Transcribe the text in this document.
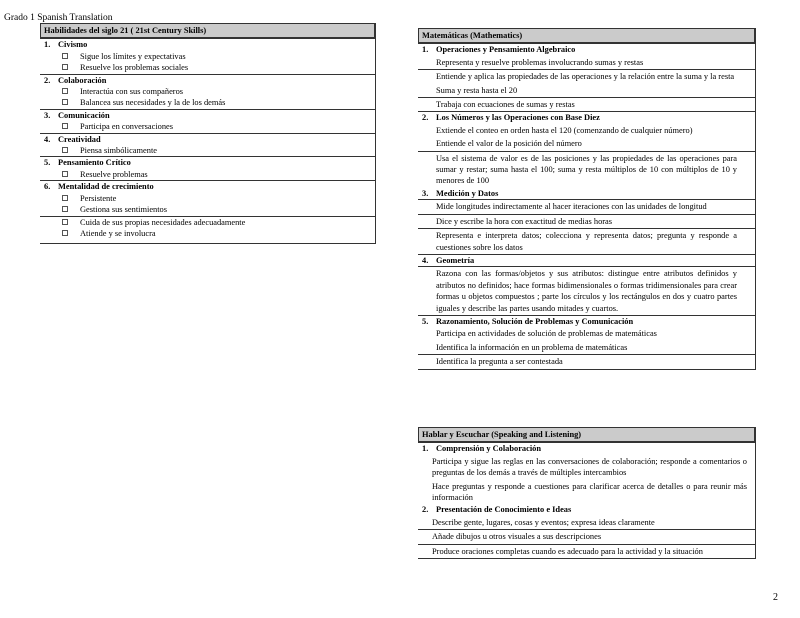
Grado 1 Spanish Translation
Habilidades del siglo 21 ( 21st Century Skills)
1. Civismo
Sigue los límites y expectativas
Resuelve los problemas sociales
2. Colaboración
Interactúa con sus compañeros
Balancea sus necesidades y la de los demás
3. Comunicación
Participa en conversaciones
4. Creatividad
Piensa simbólicamente
5. Pensamiento Crítico
Resuelve problemas
6. Mentalidad de crecimiento
Persistente
Gestiona sus sentimientos
Cuida de sus propias necesidades adecuadamente
Atiende y se involucra
Matemáticas (Mathematics)
1. Operaciones y Pensamiento Algebraico
Representa y resuelve problemas involucrando sumas y restas
Entiende y aplica las propiedades de las operaciones y la relación entre la suma y la resta
Suma y resta hasta el 20
Trabaja con ecuaciones de sumas y restas
2. Los Números y las Operaciones con Base Diez
Extiende el conteo en orden hasta el 120 (comenzando de cualquier número)
Entiende el valor de la posición del número
Usa el sistema de valor es de las posiciones y las propiedades de las operaciones para sumar y restar; suma hasta el 100; suma y resta múltiplos de 10 con múltiplos de 10 y menores de 100
3. Medición y Datos
Mide longitudes indirectamente al hacer iteraciones con las unidades de longitud
Dice y escribe la hora con exactitud de medias horas
Representa e interpreta datos; colecciona y representa datos; pregunta y responde a cuestiones sobre los datos
4. Geometría
Razona con las formas/objetos y sus atributos: distingue entre atributos definidos y atributos no definidos; hace formas bidimensionales o formas tridimensionales para crear formas u objetos compuestos ; parte los círculos y los rectángulos en dos y cuatro partes iguales y describe las partes usando mitades y cuartos.
5. Razonamiento, Solución de Problemas y Comunicación
Participa en actividades de solución de problemas de matemáticas
Identifica la información en un problema de matemáticas
Identifica la pregunta a ser contestada
Hablar y Escuchar (Speaking and Listening)
1. Comprensión y Colaboración
Participa y sigue las reglas en las conversaciones de colaboración; responde a comentarios o preguntas de los demás a través de múltiples intercambios
Hace preguntas y responde a cuestiones para clarificar acerca de detalles o para reunir más información
2. Presentación de Conocimiento e Ideas
Describe gente, lugares, cosas y eventos; expresa ideas claramente
Añade dibujos u otros visuales a sus descripciones
Produce oraciones completas cuando es adecuado para la actividad y la situación
2
